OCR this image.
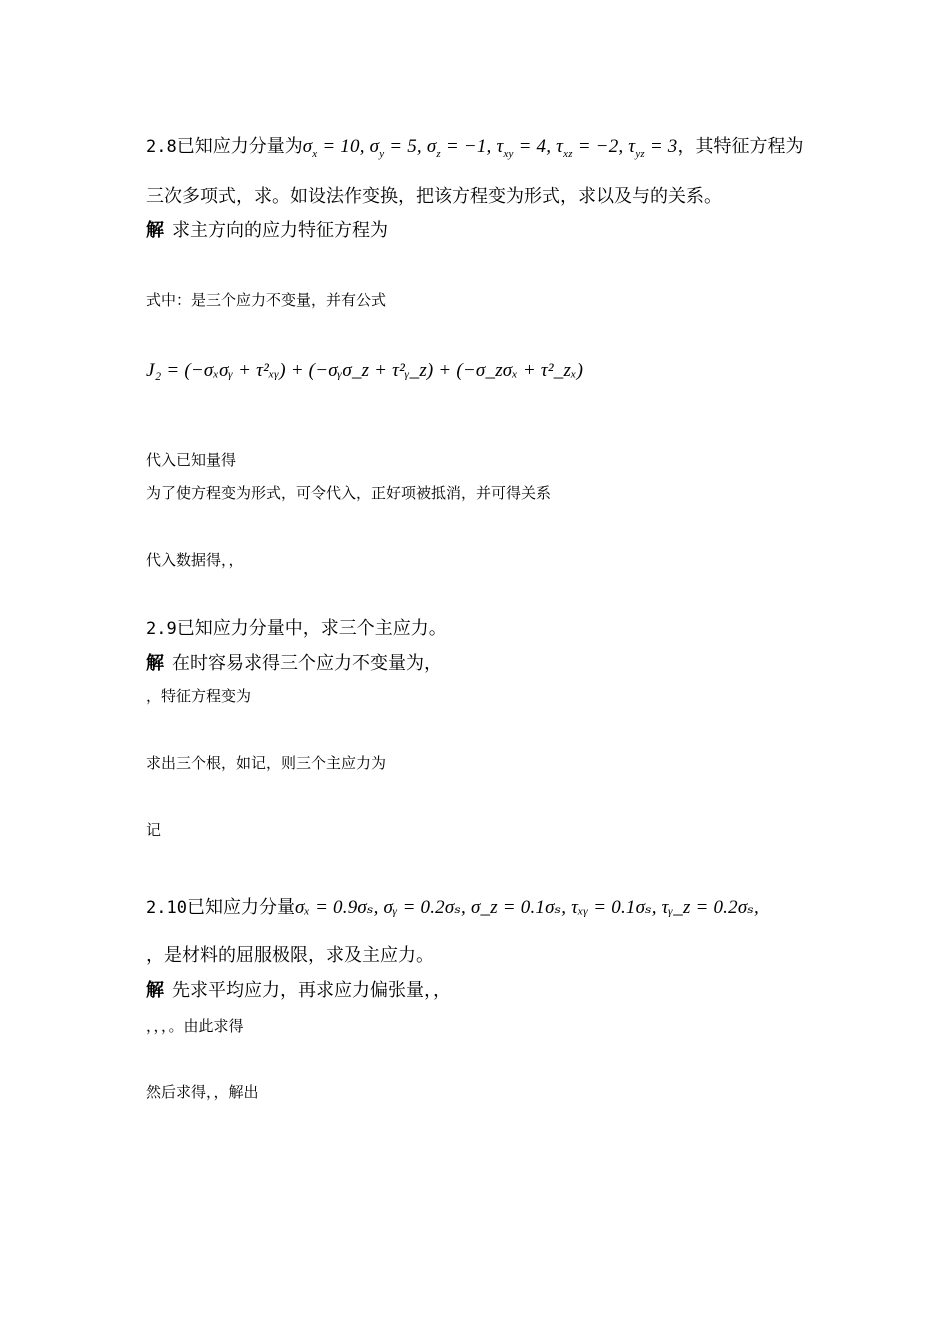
2.8已知应力分量为$\sigma_x = 10$, $\sigma_y = 5$, $\sigma_z = -1$, $\tau_{xy} = 4$, $\tau_{xz} = -2$, $\tau_{yz} = 3$，其特征方程为
三次多项式，求。如设法作变换，把该方程变为形式，求以及与的关系。
解 求主方向的应力特征方程为
式中：是三个应力不变量，并有公式
J₂ = (−σₓσᵧ + τ²ₓᵧ) + (−σᵧσ_z + τ²ᵧ_z) + (−σ_zσₓ + τ²_zₓ)
代入已知量得
为了使方程变为形式，可令代入，正好项被抵消，并可得关系
代入数据得，，
2.9已知应力分量中，求三个主应力。
解 在时容易求得三个应力不变量为，
，特征方程变为
求出三个根，如记，则三个主应力为
记
2.10已知应力分量σₓ = 0.9σₛ, σᵧ = 0.2σₛ, σ_z = 0.1σₛ, τₓᵧ = 0.1σₛ, τᵧ_z = 0.2σₛ,
，是材料的屈服极限，求及主应力。
解 先求平均应力，再求应力偏张量，，
，，，。由此求得
然后求得，，解出
